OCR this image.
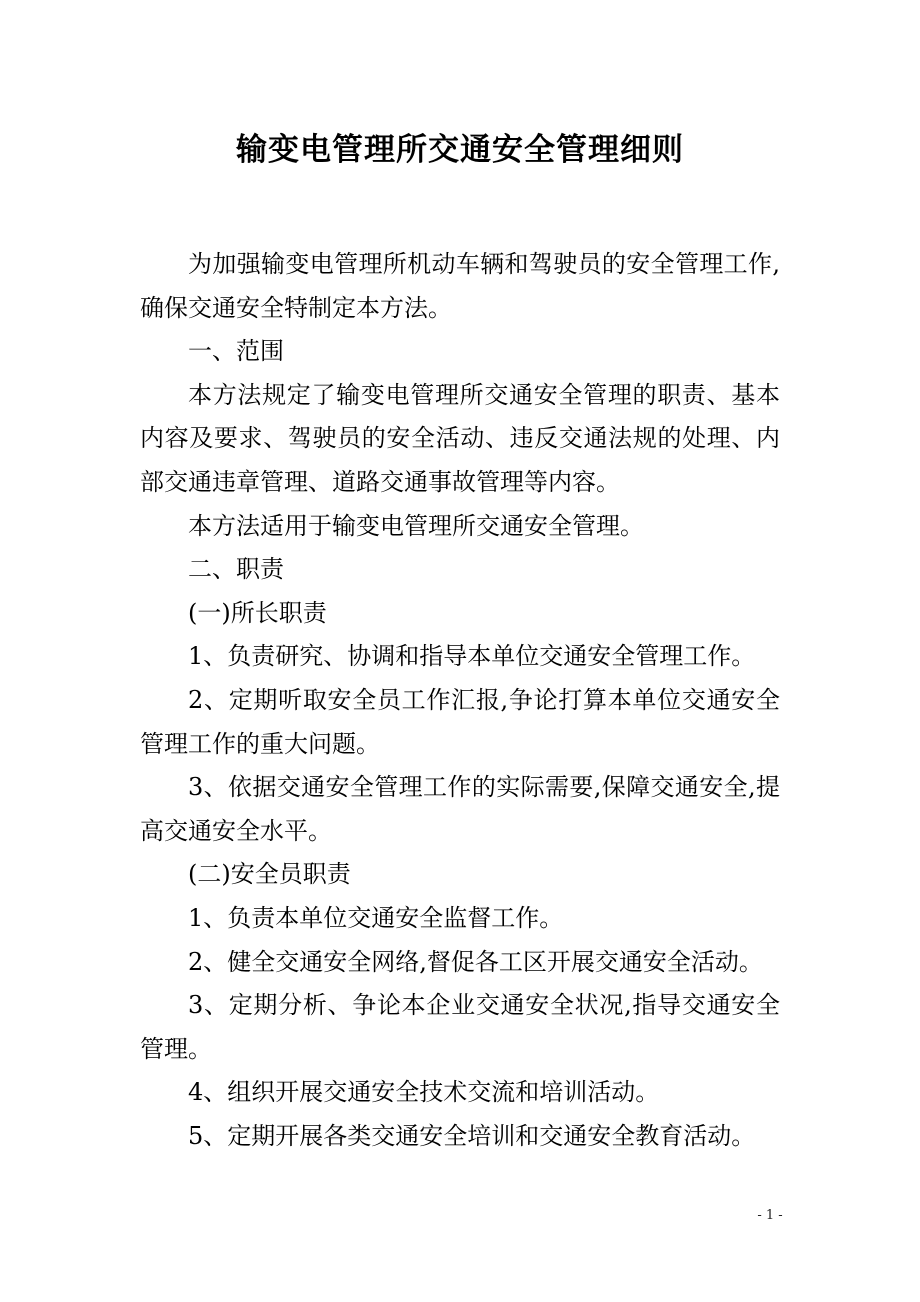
输变电管理所交通安全管理细则

为加强输变电管理所机动车辆和驾驶员的安全管理工作,确保交通安全特制定本方法。

一、范围

本方法规定了输变电管理所交通安全管理的职责、基本内容及要求、驾驶员的安全活动、违反交通法规的处理、内部交通违章管理、道路交通事故管理等内容。

本方法适用于输变电管理所交通安全管理。

二、职责

(一)所长职责

1、负责研究、协调和指导本单位交通安全管理工作。

2、定期听取安全员工作汇报,争论打算本单位交通安全管理工作的重大问题。

3、依据交通安全管理工作的实际需要,保障交通安全,提高交通安全水平。

(二)安全员职责

1、负责本单位交通安全监督工作。

2、健全交通安全网络,督促各工区开展交通安全活动。

3、定期分析、争论本企业交通安全状况,指导交通安全管理。

4、组织开展交通安全技术交流和培训活动。

5、定期开展各类交通安全培训和交通安全教育活动。

- 1 -
